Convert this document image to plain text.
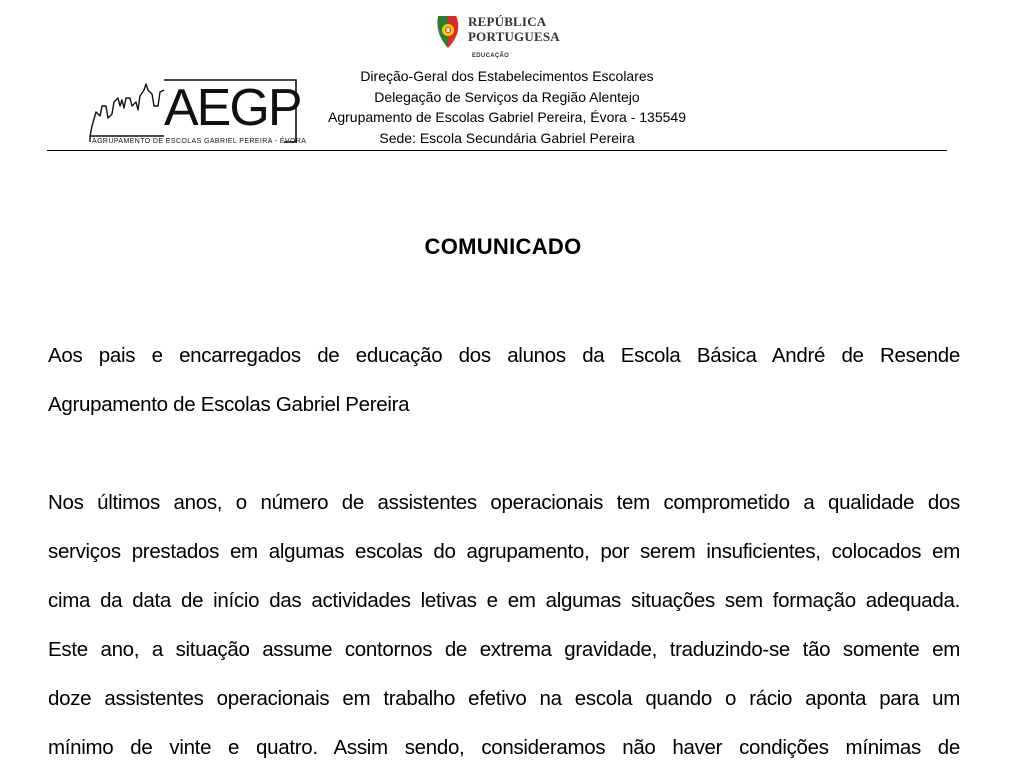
REPÚBLICA
PORTUGUESA
EDUCAÇÃO
AEGP
AGRUPAMENTO DE ESCOLAS GABRIEL PEREIRA - ÉVORA
Direção-Geral dos Estabelecimentos Escolares
Delegação de Serviços da Região Alentejo
Agrupamento de Escolas Gabriel Pereira, Évora - 135549
Sede: Escola Secundária Gabriel Pereira
COMUNICADO
Aos pais e encarregados de educação dos alunos da Escola Básica André de Resende
Agrupamento de Escolas Gabriel Pereira
Nos últimos anos, o número de assistentes operacionais tem comprometido a qualidade dos
serviços prestados em algumas escolas do agrupamento, por serem insuficientes, colocados em
cima da data de início das actividades letivas e em algumas situações sem formação adequada.
Este ano, a situação assume contornos de extrema gravidade, traduzindo-se tão somente em
doze assistentes operacionais em trabalho efetivo na escola quando o rácio aponta para um
mínimo de vinte e quatro. Assim sendo, consideramos não haver condições mínimas de
